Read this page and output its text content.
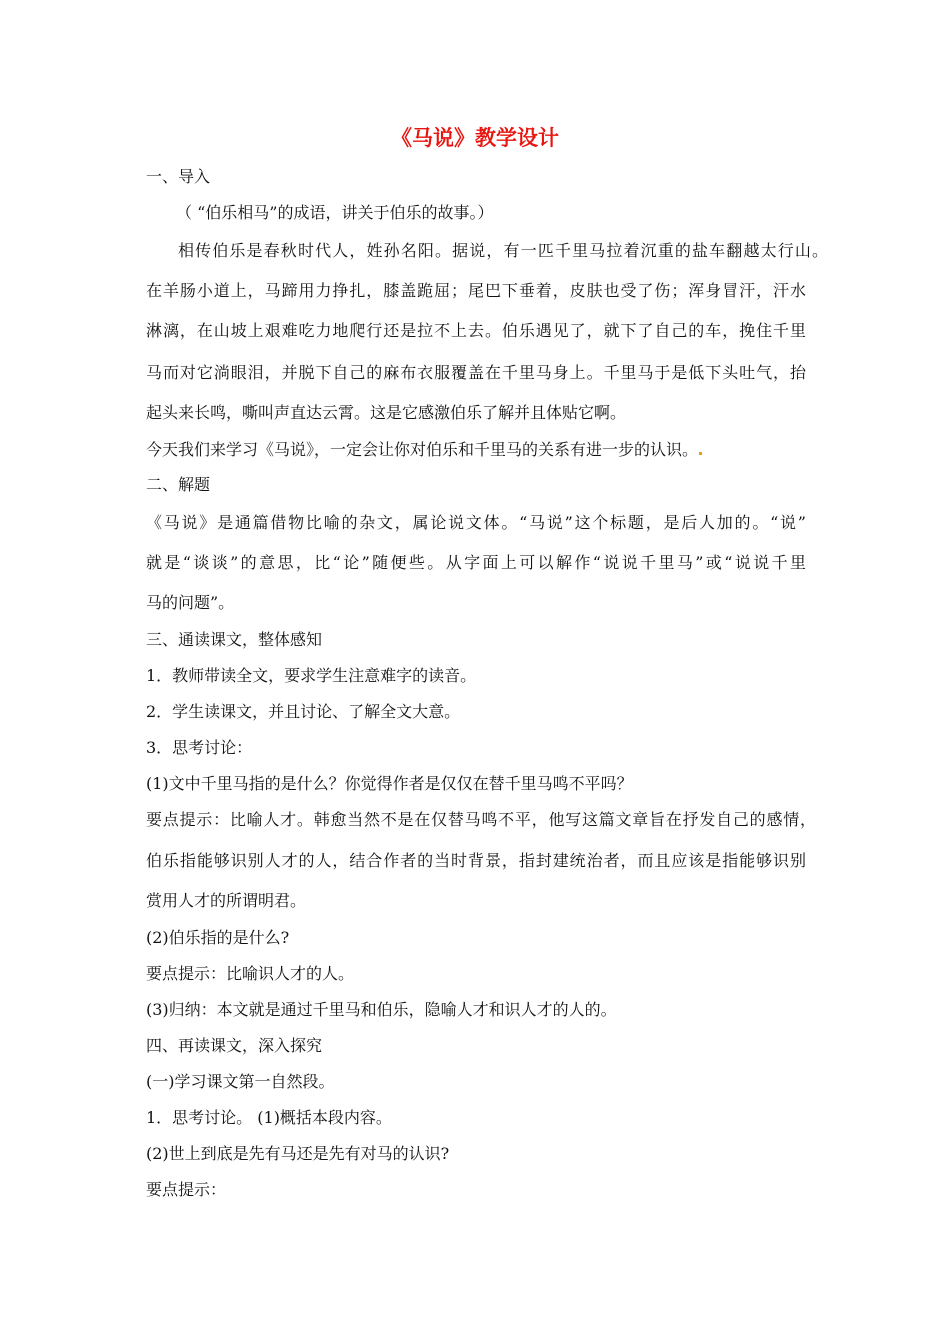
《马说》教学设计
一、导入
（ “伯乐相马”的成语，讲关于伯乐的故事。）
相传伯乐是春秋时代人，姓孙名阳。据说，有一匹千里马拉着沉重的盐车翻越太行山。
在羊肠小道上，马蹄用力挣扎，膝盖跪屈；尾巴下垂着，皮肤也受了伤；浑身冒汗，汗水
淋漓，在山坡上艰难吃力地爬行还是拉不上去。伯乐遇见了，就下了自己的车，挽住千里
马而对它淌眼泪，并脱下自己的麻布衣服覆盖在千里马身上。千里马于是低下头吐气，抬
起头来长鸣，嘶叫声直达云霄。这是它感激伯乐了解并且体贴它啊。
今天我们来学习《马说》，一定会让你对伯乐和千里马的关系有进一步的认识。
二、解题
《马说》是通篇借物比喻的杂文，属论说文体。“马说”这个标题，是后人加的。“说”
就是“谈谈”的意思，比“论”随便些。从字面上可以解作“说说千里马”或“说说千里
马的问题”。
三、通读课文，整体感知
1．教师带读全文，要求学生注意难字的读音。
2．学生读课文，并且讨论、了解全文大意。
3．思考讨论：
(1)文中千里马指的是什么？你觉得作者是仅仅在替千里马鸣不平吗？
要点提示：比喻人才。韩愈当然不是在仅替马鸣不平，他写这篇文章旨在抒发自己的感情，
伯乐指能够识别人才的人，结合作者的当时背景，指封建统治者，而且应该是指能够识别
赏用人才的所谓明君。
(2)伯乐指的是什么?
要点提示：比喻识人才的人。
(3)归纳：本文就是通过千里马和伯乐，隐喻人才和识人才的人的。
四、再读课文，深入探究
(一)学习课文第一自然段。
1．思考讨论。 (1)概括本段内容。
(2)世上到底是先有马还是先有对马的认识?
要点提示：
